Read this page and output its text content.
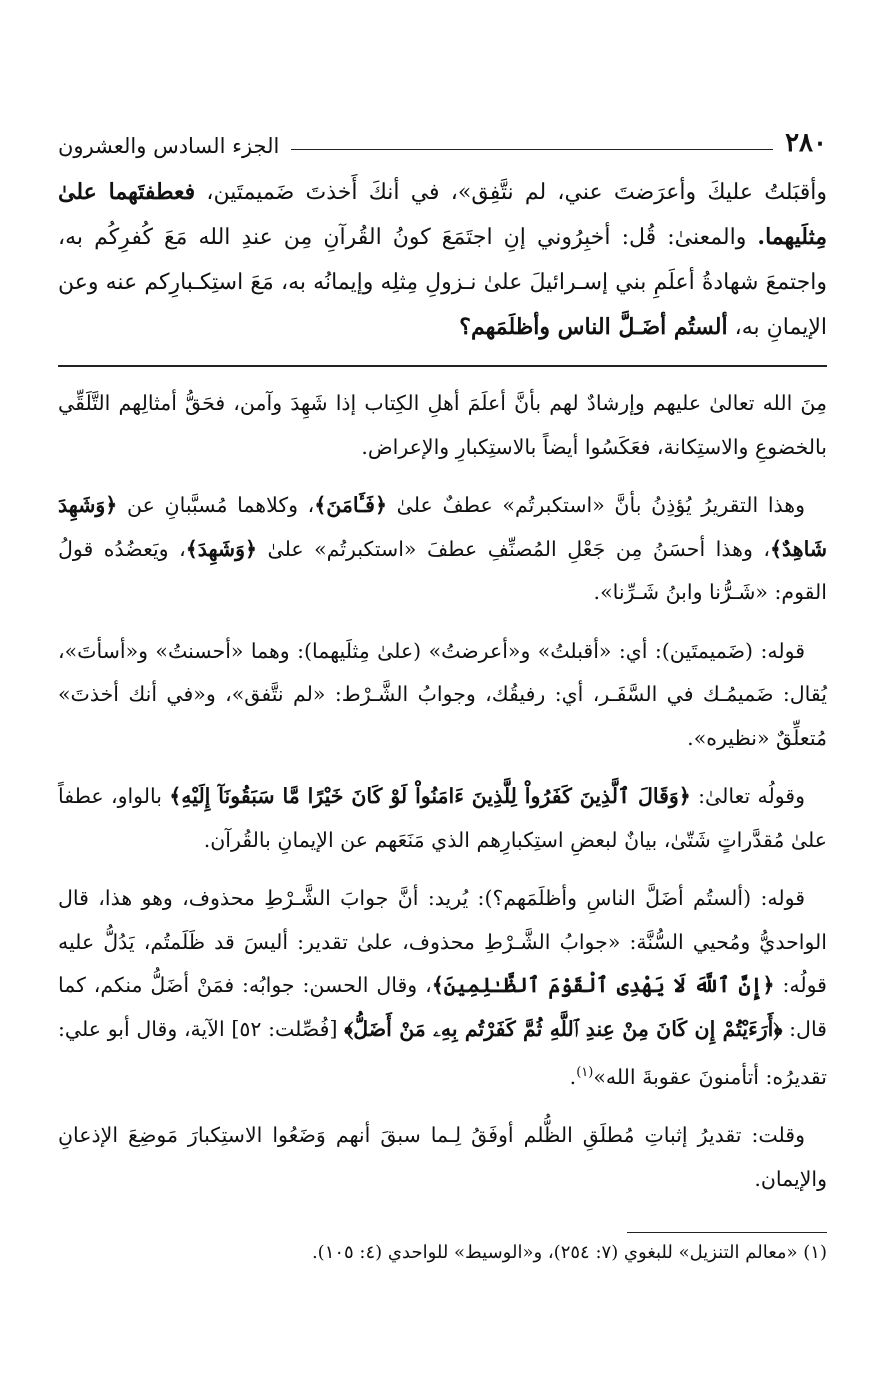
٢٨٠
الجزء السادس والعشرون
وأقبَلتُ عليكَ وأعرَضتَ عني، لم نتَّفِق»، في أنكَ أَخذتَ ضَميمتَين، فعطفتَهما علىٰ مِثلَيهما. والمعنىٰ: قُل: أخبِرُوني إنِ اجتَمَعَ كونُ القُرآنِ مِن عندِ الله مَعَ كُفرِكُم به، واجتمعَ شهادةُ أعلَمِ بني إسـرائيلَ علىٰ نـزولِ مِثلِه وإيمانُه به، مَعَ استِكـبارِكم عنه وعن الإيمانِ به، ألستُم أضَـلَّ الناس وأظلَمَهم؟

مِنَ الله تعالىٰ عليهم وإرشادٌ لهم بأنَّ أعلَمَ أهلِ الكِتاب إذا شَهِدَ وآمن، فحَقُّ أمثالِهم التَّلَقِّي بالخضوعِ والاستِكانة، فعَكَسُوا أيضاً بالاستِكبارِ والإعراض.

وهذا التقريرُ يُؤذِنُ بأنَّ «استكبرتُم» عطفٌ علىٰ ﴿فَـَٔامَنَ﴾، وكلاهما مُسبَّبانِ عن ﴿وَشَهِدَ شَاهِدٌ﴾، وهذا أحسَنُ مِن جَعْلِ المُصنِّفِ عطفَ «استكبرتُم» علىٰ ﴿وَشَهِدَ﴾، ويَعضُدُه قولُ القوم: «شَـرُّنا وابنُ شَـرِّنا».

قوله: (ضَميمتَين): أي: «أقبلتُ» و«أعرضتُ» (علىٰ مِثلَيهما): وهما «أحسنتُ» و«أسأتَ»، يُقال: ضَميمُـك في السَّفَـر، أي: رفيقُك، وجوابُ الشَّـرْط: «لم نتَّفق»، و«في أنك أخذتَ» مُتعلِّقٌ «نظيره».

وقولُه تعالىٰ: ﴿وَقَالَ ٱلَّذِينَ كَفَرُواْ لِلَّذِينَ ءَامَنُواْ لَوْ كَانَ خَيْرًا مَّا سَبَقُونَآ إِلَيْهِ﴾ بالواو، عطفاً علىٰ مُقدَّراتٍ شَتّىٰ، بيانٌ لبعضِ استِكبارِهم الذي مَنَعَهم عن الإيمانِ بالقُرآن.

قوله: (ألستُم أضَلَّ الناسِ وأظلَمَهم؟): يُريد: أنَّ جوابَ الشَّـرْطِ محذوف، وهو هذا، قال الواحديُّ ومُحيي السُّنَّة: «جوابُ الشَّـرْطِ محذوف، علىٰ تقدير: أليسَ قد ظَلَمتُم، يَدُلُّ عليه قولُه: ﴿إِنَّ ٱللَّهَ لَا يَهْدِى ٱلْقَوْمَ ٱلظَّـٰلِمِينَ﴾، وقال الحسن: جوابُه: فمَنْ أضَلُّ منكم، كما قال: ﴿أَرَءَيْتُمْ إِن كَانَ مِنْ عِندِ ٱللَّهِ ثُمَّ كَفَرْتُم بِهِۦ مَنْ أَضَلُّ﴾ [فُصِّلت: ٥٢] الآية، وقال أبو علي: تقديرُه: أتأمنونَ عقوبةَ الله»$^{(١)}$.

وقلت: تقديرُ إثباتِ مُطلَقِ الظُّلم أوفَقُ لِـما سبقَ أنهم وَضَعُوا الاستِكبارَ مَوضِعَ الإذعانِ والإيمان.

(١) «معالم التنزيل» للبغوي (٧: ٢٥٤)، و«الوسيط» للواحدي (٤: ١٠٥).
